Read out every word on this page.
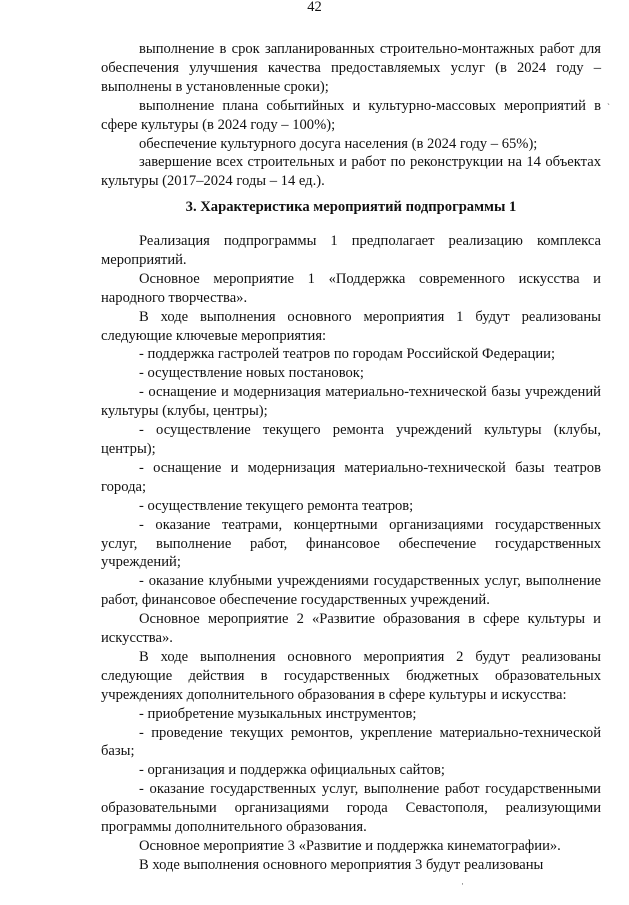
42

выполнение в срок запланированных строительно-монтажных работ для обеспечения улучшения качества предоставляемых услуг (в 2024 году – выполнены в установленные сроки);

выполнение плана событийных и культурно-массовых мероприятий в сфере культуры (в 2024 году – 100%);

обеспечение культурного досуга населения (в 2024 году – 65%);

завершение всех строительных и работ по реконструкции на 14 объектах культуры (2017–2024 годы – 14 ед.).

3. Характеристика мероприятий подпрограммы 1

Реализация подпрограммы 1 предполагает реализацию комплекса мероприятий.

Основное мероприятие 1 «Поддержка современного искусства и народного творчества».

В ходе выполнения основного мероприятия 1 будут реализованы следующие ключевые мероприятия:

- поддержка гастролей театров по городам Российской Федерации;

- осуществление новых постановок;

- оснащение и модернизация материально-технической базы учреждений культуры (клубы, центры);

- осуществление текущего ремонта учреждений культуры (клубы, центры);

- оснащение и модернизация материально-технической базы театров города;

- осуществление текущего ремонта театров;

- оказание театрами, концертными организациями государственных услуг, выполнение работ, финансовое обеспечение государственных учреждений;

- оказание клубными учреждениями государственных услуг, выполнение работ, финансовое обеспечение государственных учреждений.

Основное мероприятие 2 «Развитие образования в сфере культуры и искусства».

В ходе выполнения основного мероприятия 2 будут реализованы следующие действия в государственных бюджетных образовательных учреждениях дополнительного образования в сфере культуры и искусства:

- приобретение музыкальных инструментов;

- проведение текущих ремонтов, укрепление материально-технической базы;

- организация и поддержка официальных сайтов;

- оказание государственных услуг, выполнение работ государственными образовательными организациями города Севастополя, реализующими программы дополнительного образования.

Основное мероприятие 3 «Развитие и поддержка кинематографии».

В ходе выполнения основного мероприятия 3 будут реализованы

ˏ
·
